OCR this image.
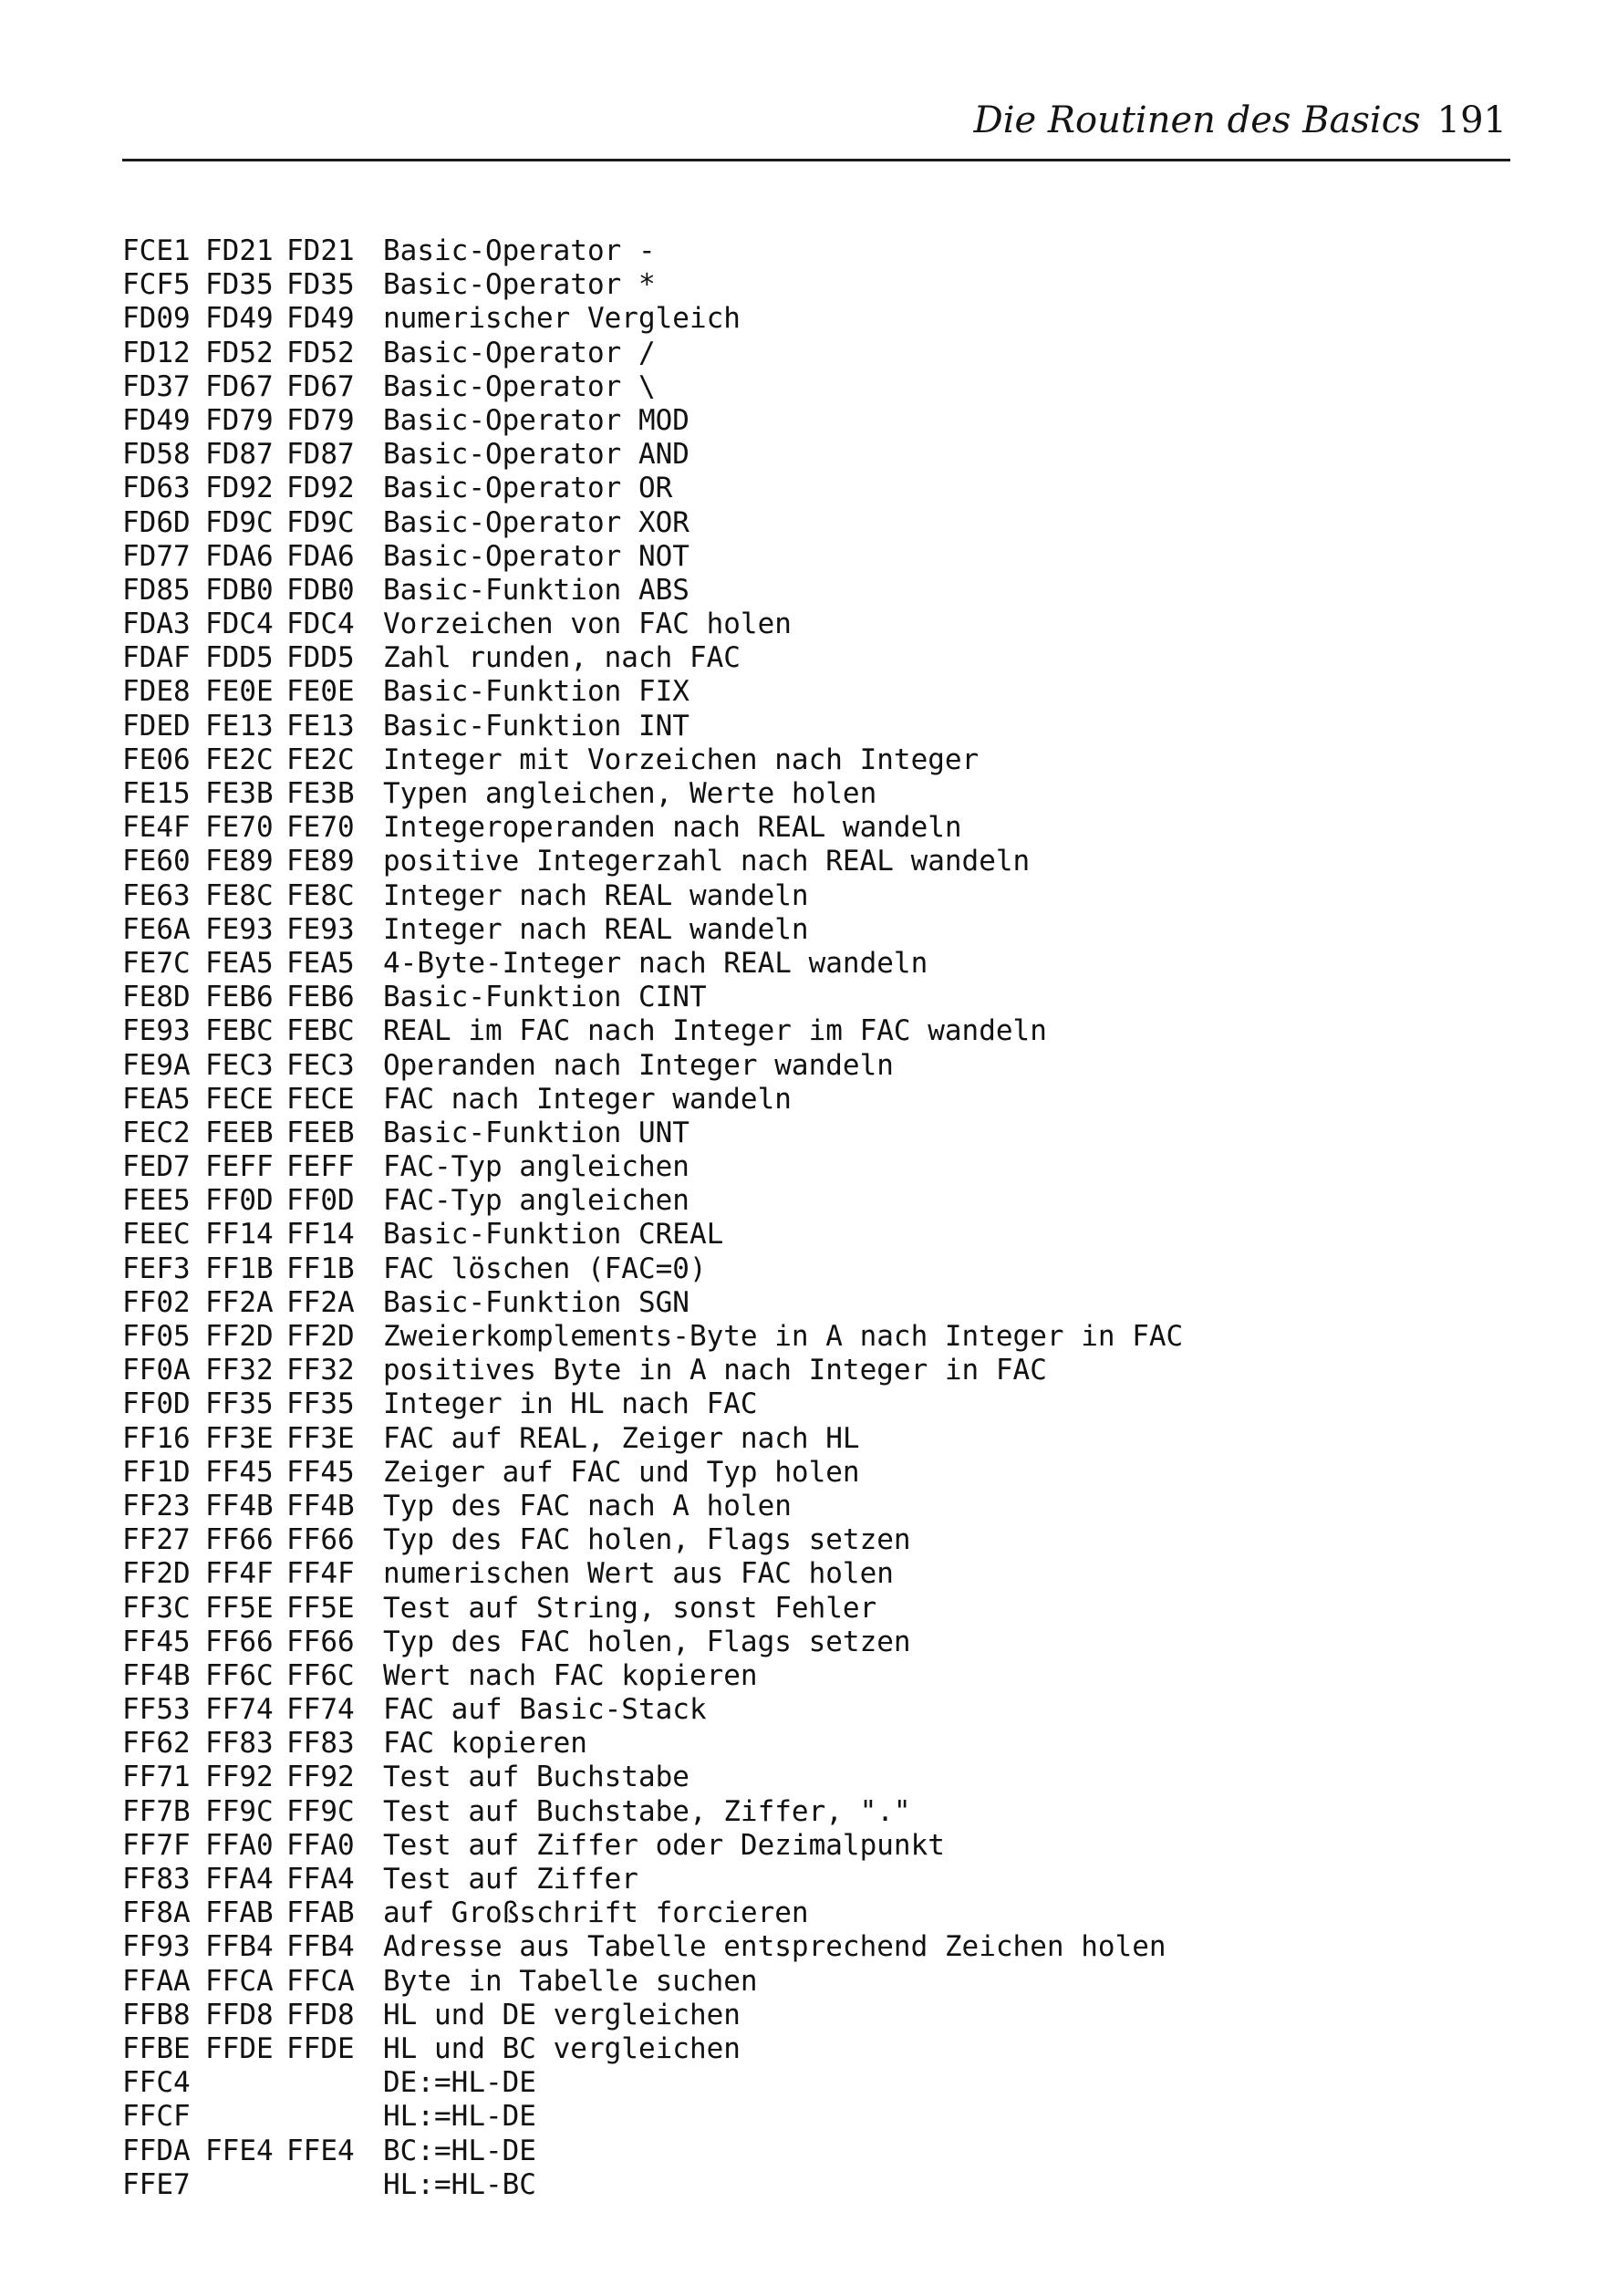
Die Routinen des Basics 191
FCE1 FD21 FD21 Basic-Operator -
FCF5 FD35 FD35 Basic-Operator *
FD09 FD49 FD49 numerischer Vergleich
FD12 FD52 FD52 Basic-Operator /
FD37 FD67 FD67 Basic-Operator \
FD49 FD79 FD79 Basic-Operator MOD
FD58 FD87 FD87 Basic-Operator AND
FD63 FD92 FD92 Basic-Operator OR
FD6D FD9C FD9C Basic-Operator XOR
FD77 FDA6 FDA6 Basic-Operator NOT
FD85 FDB0 FDB0 Basic-Funktion ABS
FDA3 FDC4 FDC4 Vorzeichen von FAC holen
FDAF FDD5 FDD5 Zahl runden, nach FAC
FDE8 FE0E FE0E Basic-Funktion FIX
FDED FE13 FE13 Basic-Funktion INT
FE06 FE2C FE2C Integer mit Vorzeichen nach Integer
FE15 FE3B FE3B Typen angleichen, Werte holen
FE4F FE70 FE70 Integeroperanden nach REAL wandeln
FE60 FE89 FE89 positive Integerzahl nach REAL wandeln
FE63 FE8C FE8C Integer nach REAL wandeln
FE6A FE93 FE93 Integer nach REAL wandeln
FE7C FEA5 FEA5 4-Byte-Integer nach REAL wandeln
FE8D FEB6 FEB6 Basic-Funktion CINT
FE93 FEBC FEBC REAL im FAC nach Integer im FAC wandeln
FE9A FEC3 FEC3 Operanden nach Integer wandeln
FEA5 FECE FECE FAC nach Integer wandeln
FEC2 FEEB FEEB Basic-Funktion UNT
FED7 FEFF FEFF FAC-Typ angleichen
FEE5 FF0D FF0D FAC-Typ angleichen
FEEC FF14 FF14 Basic-Funktion CREAL
FEF3 FF1B FF1B FAC löschen (FAC=0)
FF02 FF2A FF2A Basic-Funktion SGN
FF05 FF2D FF2D Zweierkomplements-Byte in A nach Integer in FAC
FF0A FF32 FF32 positives Byte in A nach Integer in FAC
FF0D FF35 FF35 Integer in HL nach FAC
FF16 FF3E FF3E FAC auf REAL, Zeiger nach HL
FF1D FF45 FF45 Zeiger auf FAC und Typ holen
FF23 FF4B FF4B Typ des FAC nach A holen
FF27 FF66 FF66 Typ des FAC holen, Flags setzen
FF2D FF4F FF4F numerischen Wert aus FAC holen
FF3C FF5E FF5E Test auf String, sonst Fehler
FF45 FF66 FF66 Typ des FAC holen, Flags setzen
FF4B FF6C FF6C Wert nach FAC kopieren
FF53 FF74 FF74 FAC auf Basic-Stack
FF62 FF83 FF83 FAC kopieren
FF71 FF92 FF92 Test auf Buchstabe
FF7B FF9C FF9C Test auf Buchstabe, Ziffer, "."
FF7F FFA0 FFA0 Test auf Ziffer oder Dezimalpunkt
FF83 FFA4 FFA4 Test auf Ziffer
FF8A FFAB FFAB auf Großschrift forcieren
FF93 FFB4 FFB4 Adresse aus Tabelle entsprechend Zeichen holen
FFAA FFCA FFCA Byte in Tabelle suchen
FFB8 FFD8 FFD8 HL und DE vergleichen
FFBE FFDE FFDE HL und BC vergleichen
FFC4	DE:=HL-DE
FFCF	HL:=HL-DE
FFDA FFE4 FFE4 BC:=HL-DE
FFE7	HL:=HL-BC
